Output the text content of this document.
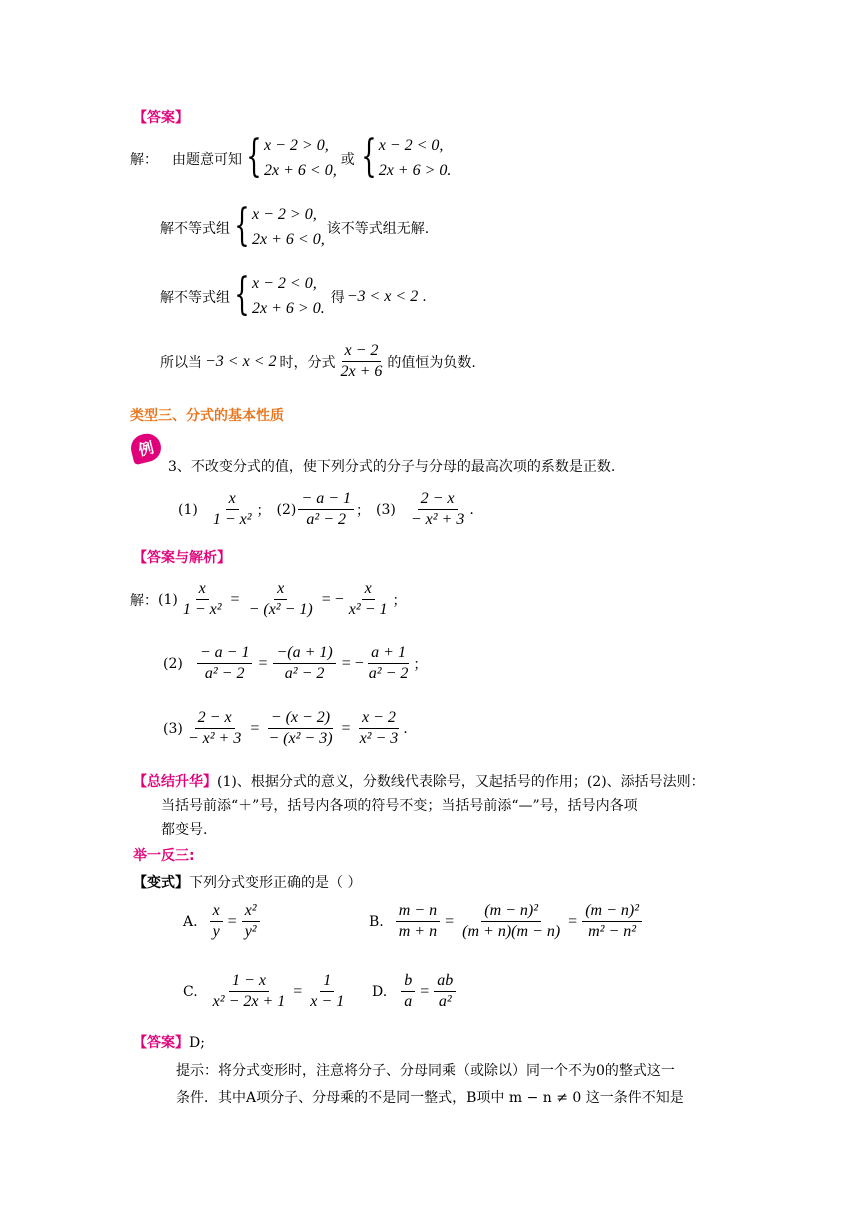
【答案】
解： 由题意可知 { x − 2 > 0,
2x + 6 < 0,
或 { x − 2 < 0,
2x + 6 > 0.
解不等式组 { x − 2 > 0,
2x + 6 < 0,
该不等式组无解.
解不等式组 { x − 2 < 0,
2x + 6 > 0.
得 −3 < x < 2 .
所以当 −3 < x < 2 时，分式 $\frac{x - 2}{2x + 6}$ 的值恒为负数.
类型三、分式的基本性质
例
3、不改变分式的值，使下列分式的分子与分母的最高次项的系数是正数.
$(1) \frac{x}{\text{1 − x²}}$ ； $(2) \frac{- a - 1}{\text{a² − 2}}$ ； $(3) \frac{2 - x}{\text{− x² + 3}}$ .
【答案与解析】
解： $(1) \frac{x}{\text{1 − x²}} = \frac{x}{\text{− (x² − 1)}}$ = − $\frac{x}{\text{x² − 1}}$ ；
$(2) \frac{- a - 1}{\text{a² − 2}} = \frac{-(a + 1)}{\text{a² − 2}}$ = − $\frac{a + 1}{\text{a² − 2}}$ ；
$(3) \frac{2 - x}{\text{− x² + 3}} = \frac{- (x - 2)}{\text{− (x² − 3)}} = \frac{x - 2}{\text{x² − 3}}$ .
【总结升华】(1)、根据分式的意义，分数线代表除号，又起括号的作用；(2)、添括号法则：
当括号前添“＋”号，括号内各项的符号不变；当括号前添“—”号，括号内各项
都变号.
举一反三:
【变式】下列分式变形正确的是（ ）
A. $\frac{x}{y} = \frac{\text{x²}}{\text{y²}}$	B. $\frac{m - n}{m + n} = \frac{\text{(m − n)²}}{(m + n)(m - n)} = \frac{\text{(m − n)²}}{\text{m² − n²}}$
C. $\frac{1 - x}{\text{x² − 2x + 1}} = \frac{1}{x - 1} D$. $\frac{b}{a} = \frac{ab}{\text{a²}}$
【答案】D;
提示：将分式变形时，注意将分子、分母同乘（或除以）同一个不为0的整式这一
条件．其中A项分子、分母乘的不是同一整式，B项中 m − n ≠ 0 这一条件不知是
